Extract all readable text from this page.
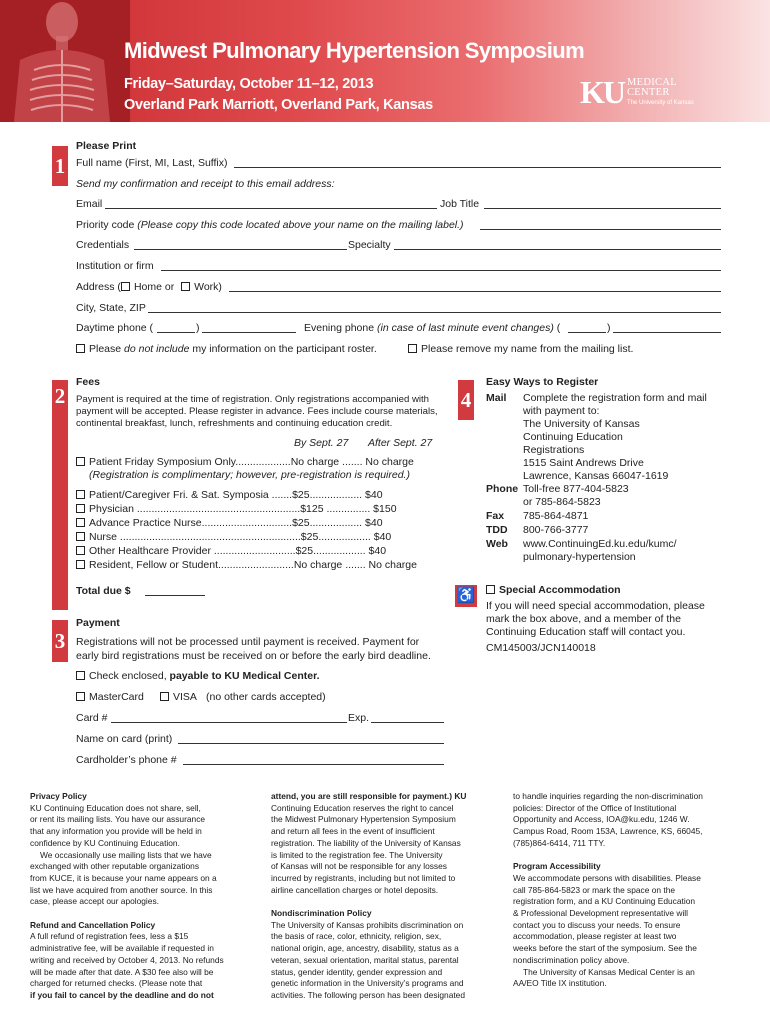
Midwest Pulmonary Hypertension Symposium
Friday–Saturday, October 11–12, 2013
Overland Park Marriott, Overland Park, Kansas	KU MEDICAL
CENTER
The University of Kansas
1
Please Print
Full name (First, MI, Last, Suffix)
Send my confirmation and receipt to this email address:
Email	Job Title
Priority code (Please copy this code located above your name on the mailing label.)
Credentials	Specialty
Institution or firm
Address ( Home or Work)
City, State, ZIP
Daytime phone (	)	Evening phone (in case of last minute event changes) (	)
Please do not include my information on the participant roster.	Please remove my name from the mailing list.
2
Fees
Payment is required at the time of registration. Only registrations accompanied with
payment will be accepted. Please register in advance. Fees include course materials,
continental breakfast, lunch, refreshments and continuing education credit.
By Sept. 27 After Sept. 27
Patient Friday Symposium Only...................No charge ....... No charge
(Registration is complimentary; however, pre-registration is required.)
Patient/Caregiver Fri. & Sat. Symposia .......$25.................. $40
Physician ........................................................$125 ............... $150
Advance Practice Nurse...............................$25.................. $40
Nurse ..............................................................$25.................. $40
Other Healthcare Provider ............................$25.................. $40
Resident, Fellow or Student..........................No charge ....... No charge
Total due $
3
Payment
Registrations will not be processed until payment is received. Payment for
early bird registrations must be received on or before the early bird deadline.
Check enclosed, payable to KU Medical Center.
MasterCard	VISA (no other cards accepted)
Card #	Exp.
Name on card (print)
Cardholder’s phone #
4
Easy Ways to Register
Mail Complete the registration form and mail
with payment to:
The University of Kansas
Continuing Education
Registrations
1515 Saint Andrews Drive
Lawrence, Kansas 66047-1619
Phone Toll-free 877-404-5823
or 785-864-5823
Fax 785-864-4871
TDD 800-766-3777
Web www.ContinuingEd.ku.edu/kumc/
pulmonary-hypertension
♿	Special Accommodation
If you will need special accommodation, please
mark the box above, and a member of the
Continuing Education staff will contact you.
CM145003/JCN140018

Privacy Policy

KU Continuing Education does not share, sell,

or rent its mailing lists. You have our assurance

that any information you provide will be held in

confidence by KU Continuing Education.

We occasionally use mailing lists that we have

exchanged with other reputable organizations

from KUCE, it is because your name appears on a

list we have acquired from another source. In this

case, please accept our apologies.

Refund and Cancellation Policy

A full refund of registration fees, less a $15

administrative fee, will be available if requested in

writing and received by October 4, 2013. No refunds

will be made after that date. A $30 fee also will be

charged for returned checks. (Please note that

if you fail to cancel by the deadline and do not

attend, you are still responsible for payment.) KU

Continuing Education reserves the right to cancel

the Midwest Pulmonary Hypertension Symposium

and return all fees in the event of insufficient

registration. The liability of the University of Kansas

is limited to the registration fee. The University

of Kansas will not be responsible for any losses

incurred by registrants, including but not limited to

airline cancellation charges or hotel deposits.

Nondiscrimination Policy

The University of Kansas prohibits discrimination on

the basis of race, color, ethnicity, religion, sex,

national origin, age, ancestry, disability, status as a

veteran, sexual orientation, marital status, parental

status, gender identity, gender expression and

genetic information in the University’s programs and

activities. The following person has been designated

to handle inquiries regarding the non-discrimination

policies: Director of the Office of Institutional

Opportunity and Access, IOA@ku.edu, 1246 W.

Campus Road, Room 153A, Lawrence, KS, 66045,

(785)864-6414, 711 TTY.

Program Accessibility

We accommodate persons with disabilities. Please

call 785-864-5823 or mark the space on the

registration form, and a KU Continuing Education

& Professional Development representative will

contact you to discuss your needs. To ensure

accommodation, please register at least two

weeks before the start of the symposium. See the

nondiscrimination policy above.

The University of Kansas Medical Center is an

AA/EO Title IX institution.
